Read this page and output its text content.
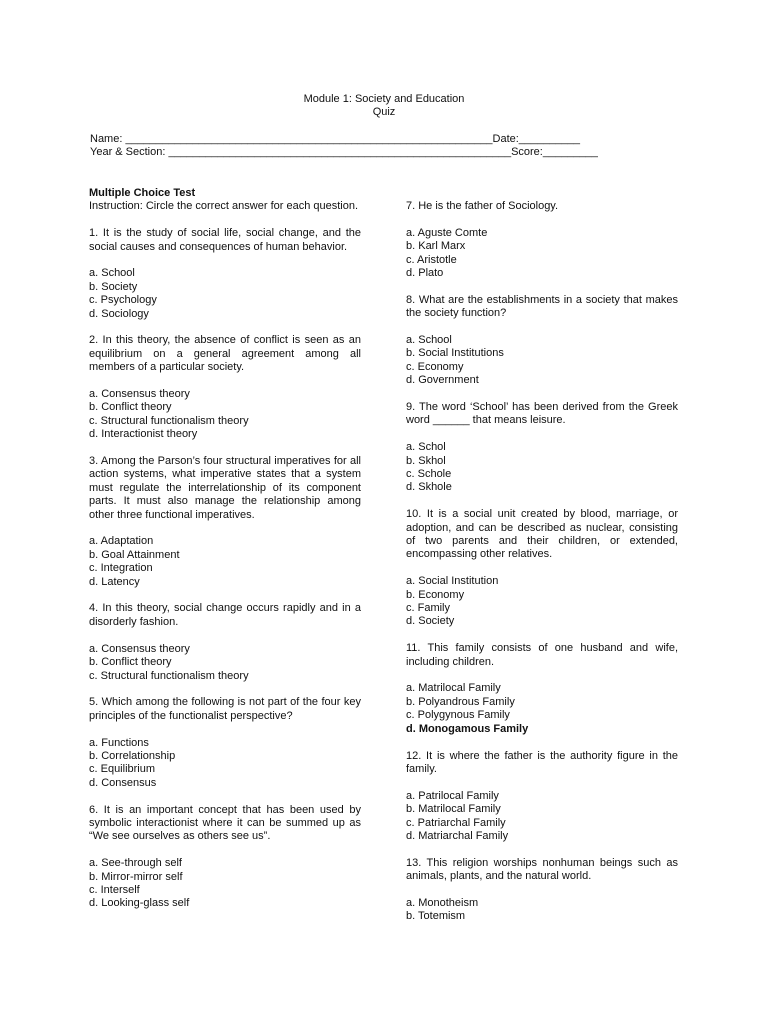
Module 1: Society and Education
Quiz
Name: ____________________________________________________________Date:__________
Year & Section: ________________________________________________________Score:_________
Multiple Choice Test
Instruction: Circle the correct answer for each question.
1. It is the study of social life, social change, and the social causes and consequences of human behavior.
a. School
b. Society
c. Psychology
d. Sociology
2. In this theory, the absence of conflict is seen as an equilibrium on a general agreement among all members of a particular society.
a. Consensus theory
b. Conflict theory
c. Structural functionalism theory
d. Interactionist theory
3. Among the Parson’s four structural imperatives for all action systems, what imperative states that a system must regulate the interrelationship of its component parts. It must also manage the relationship among other three functional imperatives.
a. Adaptation
b. Goal Attainment
c. Integration
d. Latency
4. In this theory, social change occurs rapidly and in a disorderly fashion.
a. Consensus theory
b. Conflict theory
c. Structural functionalism theory
5. Which among the following is not part of the four key principles of the functionalist perspective?
a. Functions
b. Correlationship
c. Equilibrium
d. Consensus
6. It is an important concept that has been used by symbolic interactionist where it can be summed up as “We see ourselves as others see us”.
a. See-through self
b. Mirror-mirror self
c. Interself
d. Looking-glass self
7. He is the father of Sociology.
a. Aguste Comte
b. Karl Marx
c. Aristotle
d. Plato
8. What are the establishments in a society that makes the society function?
a. School
b. Social Institutions
c. Economy
d. Government
9. The word ‘School’ has been derived from the Greek word ______ that means leisure.
a. Schol
b. Skhol
c. Schole
d. Skhole
10. It is a social unit created by blood, marriage, or adoption, and can be described as nuclear, consisting of two parents and their children, or extended, encompassing other relatives.
a. Social Institution
b. Economy
c. Family
d. Society
11. This family consists of one husband and wife, including children.
a. Matrilocal Family
b. Polyandrous Family
c. Polygynous Family
d. Monogamous Family
12. It is where the father is the authority figure in the family.
a. Patrilocal Family
b. Matrilocal Family
c. Patriarchal Family
d. Matriarchal Family
13. This religion worships nonhuman beings such as animals, plants, and the natural world.
a. Monotheism
b. Totemism
